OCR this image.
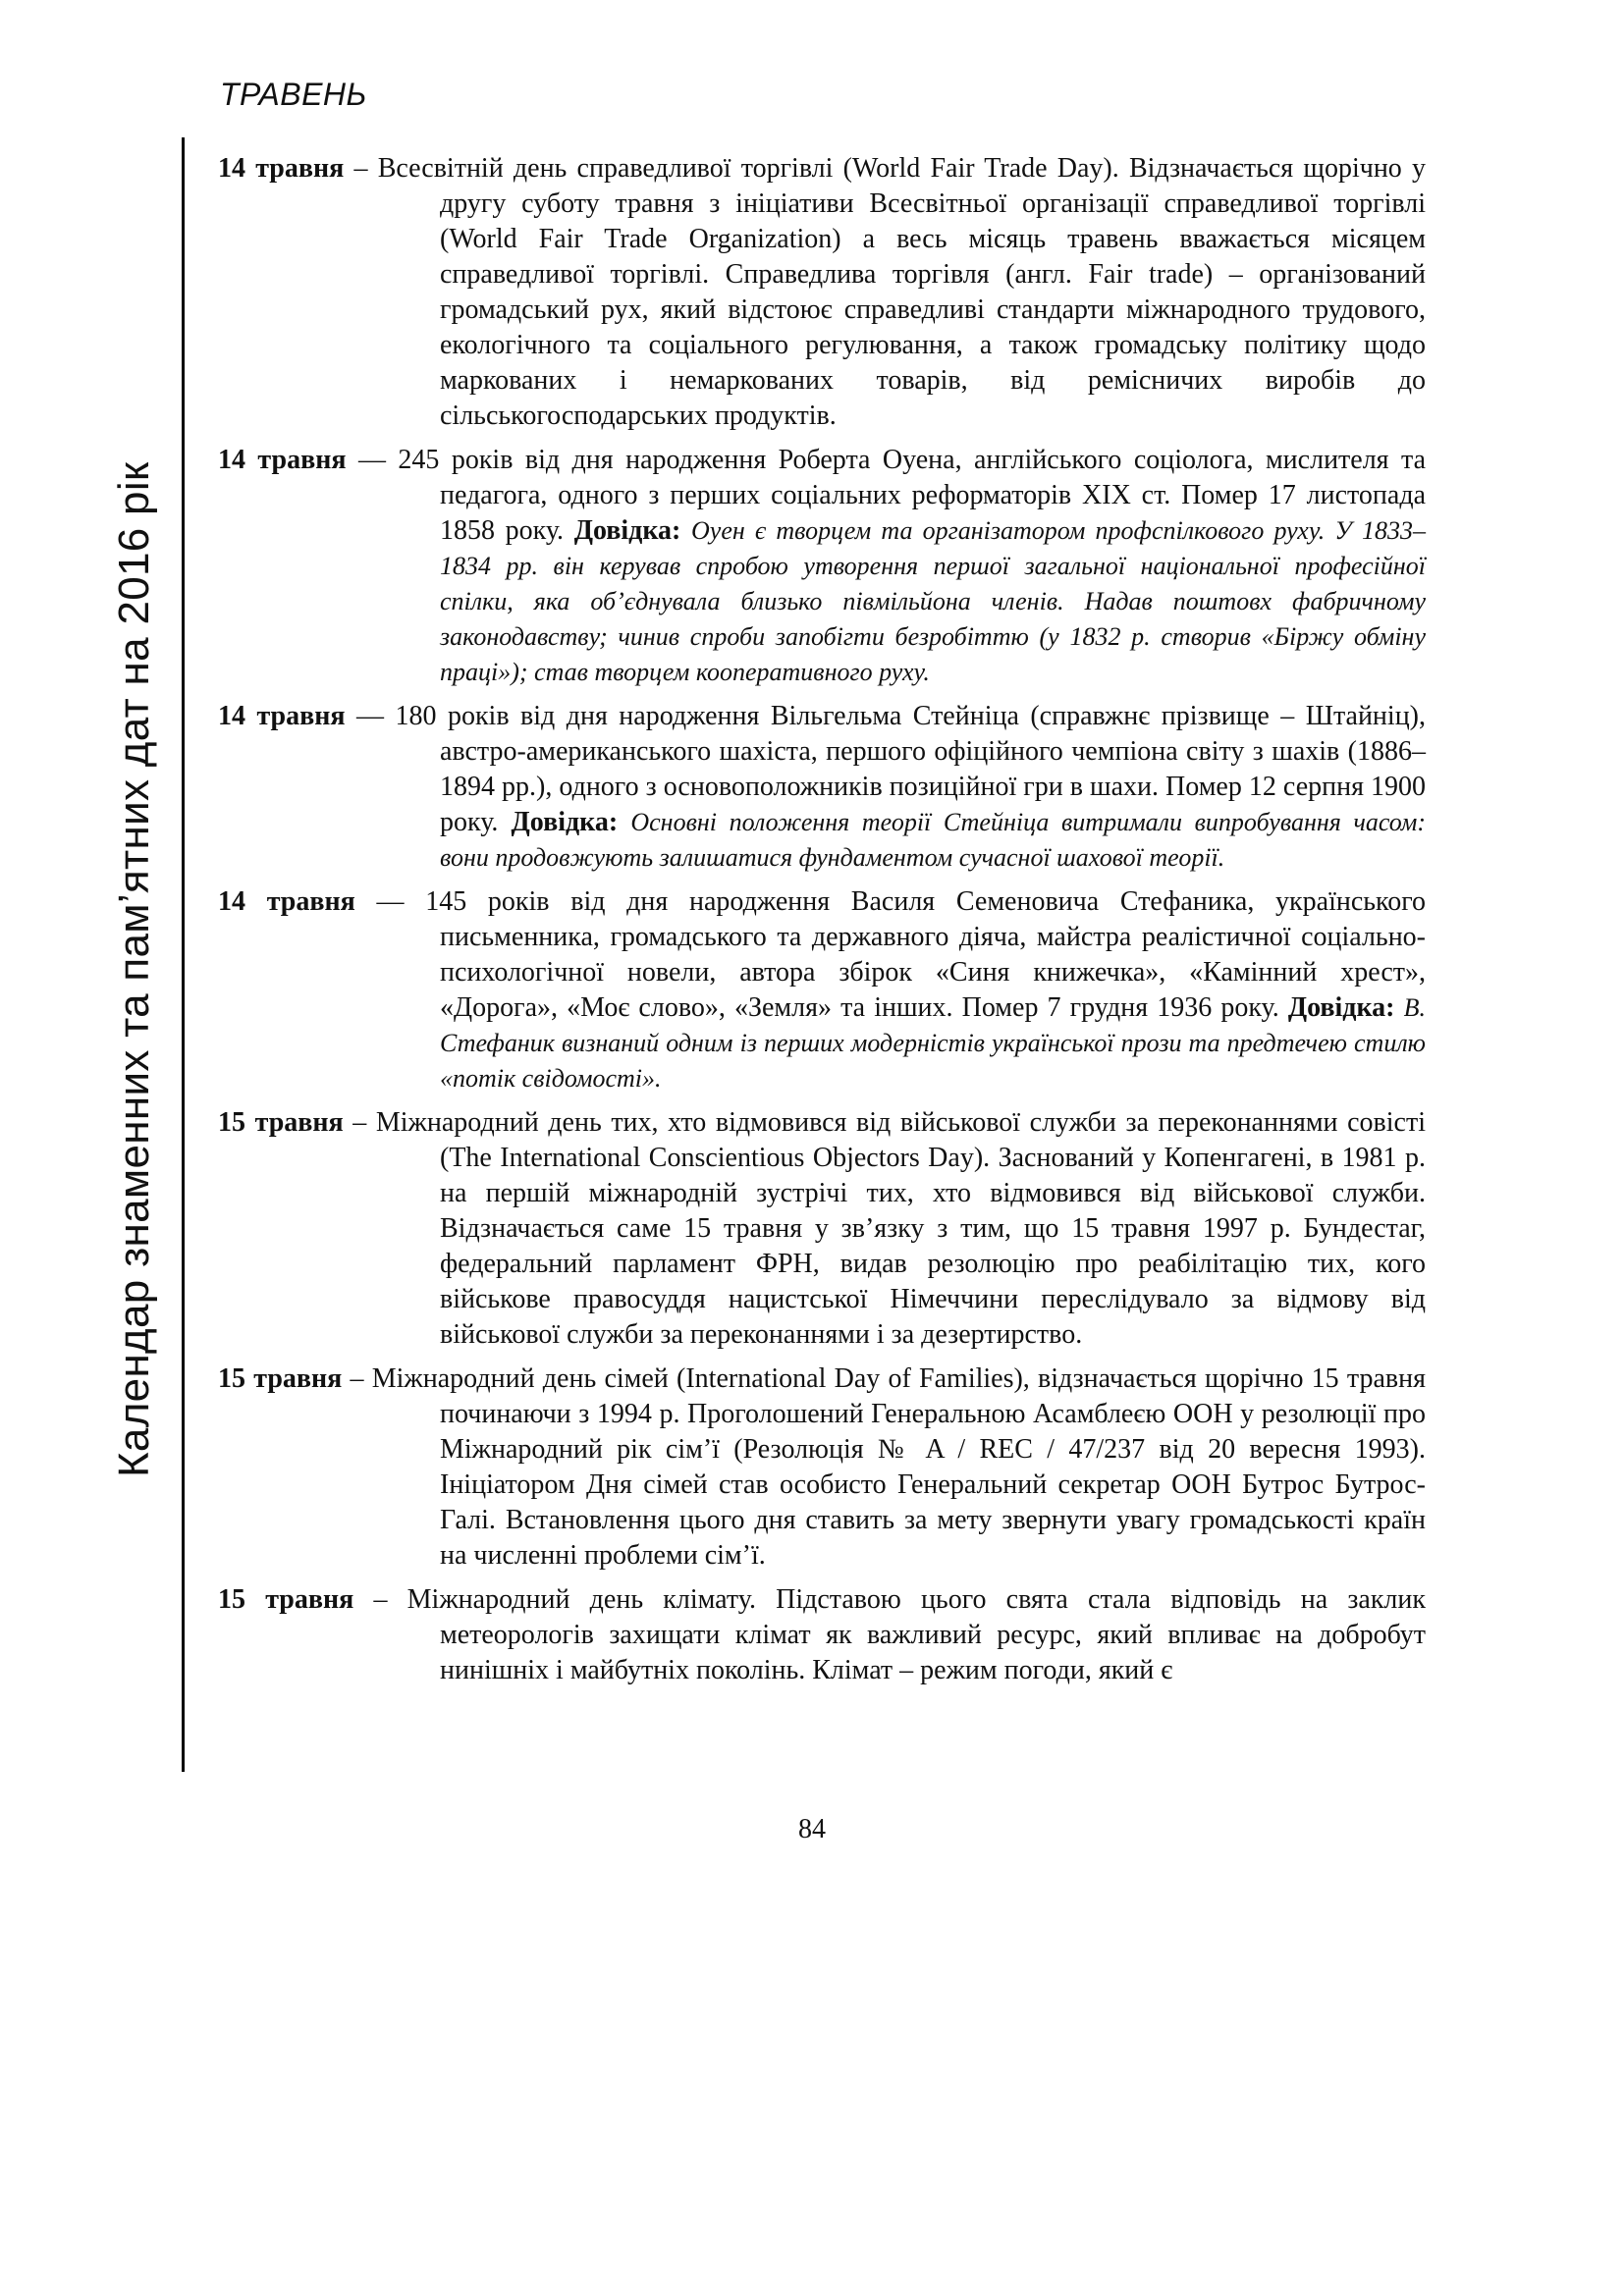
ТРАВЕНЬ
Календар знаменних та пам’ятних дат на 2016 рік

14 травня – Всесвітній день справедливої торгівлі (World Fair Trade Day). Відзначається щорічно у другу суботу травня з ініціативи Всесвітньої організації справедливої торгівлі (World Fair Trade Organization) а весь місяць травень вважається місяцем справедливої торгівлі. Справедлива торгівля (англ. Fair trade) – організований громадський рух, який відстоює справедливі стандарти міжнародного трудового, екологічного та соціального регулювання, а також громадську політику щодо маркованих і немаркованих товарів, від ремісничих виробів до сільськогосподарських продуктів.

14 травня — 245 років від дня народження Роберта Оуена, англійського соціолога, мислителя та педагога, одного з перших соціальних реформаторів XIX ст. Помер 17 листопада 1858 року. Довідка: Оуен є творцем та організатором профспілкового руху. У 1833–1834 рр. він керував спробою утворення першої загальної національної професійної спілки, яка об’єднувала близько півмільйона членів. Надав поштовх фабричному законодавству; чинив спроби запобігти безробіттю (у 1832 р. створив «Біржу обміну праці»); став творцем кооперативного руху.

14 травня — 180 років від дня народження Вільгельма Стейніца (справжнє прізвище – Штайніц), австро-американського шахіста, першого офіційного чемпіона світу з шахів (1886–1894 рр.), одного з основоположників позиційної гри в шахи. Помер 12 серпня 1900 року. Довідка: Основні положення теорії Стейніца витримали випробування часом: вони продовжують залишатися фундаментом сучасної шахової теорії.

14 травня — 145 років від дня народження Василя Семеновича Стефаника, українського письменника, громадського та державного діяча, майстра реалістичної соціально-психологічної новели, автора збірок «Синя книжечка», «Камінний хрест», «Дорога», «Моє слово», «Земля» та інших. Помер 7 грудня 1936 року. Довідка: В. Стефаник визнаний одним із перших модерністів української прози та предтечею стилю «потік свідомості».

15 травня – Міжнародний день тих, хто відмовився від військової служби за переконаннями совісті (The International Conscientious Objectors Day). Заснований у Копенгагені, в 1981 р. на першій міжнародній зустрічі тих, хто відмовився від військової служби. Відзначається саме 15 травня у зв’язку з тим, що 15 травня 1997 р. Бундестаг, федеральний парламент ФРН, видав резолюцію про реабілітацію тих, кого військове правосуддя нацистської Німеччини переслідувало за відмову від військової служби за переконаннями і за дезертирство.

15 травня – Міжнародний день сімей (International Day of Families), відзначається щорічно 15 травня починаючи з 1994 р. Проголошений Генеральною Асамблеєю ООН у резолюції про Міжнародний рік сім’ї (Резолюція № A / REC / 47/237 від 20 вересня 1993). Ініціатором Дня сімей став особисто Генеральний секретар ООН Бутрос Бутрос-Галі. Встановлення цього дня ставить за мету звернути увагу громадськості країн на численні проблеми сім’ї.

15 травня – Міжнародний день клімату. Підставою цього свята стала відповідь на заклик метеорологів захищати клімат як важливий ресурс, який впливає на добробут нинішніх і майбутніх поколінь. Клімат – режим погоди, який є

84
